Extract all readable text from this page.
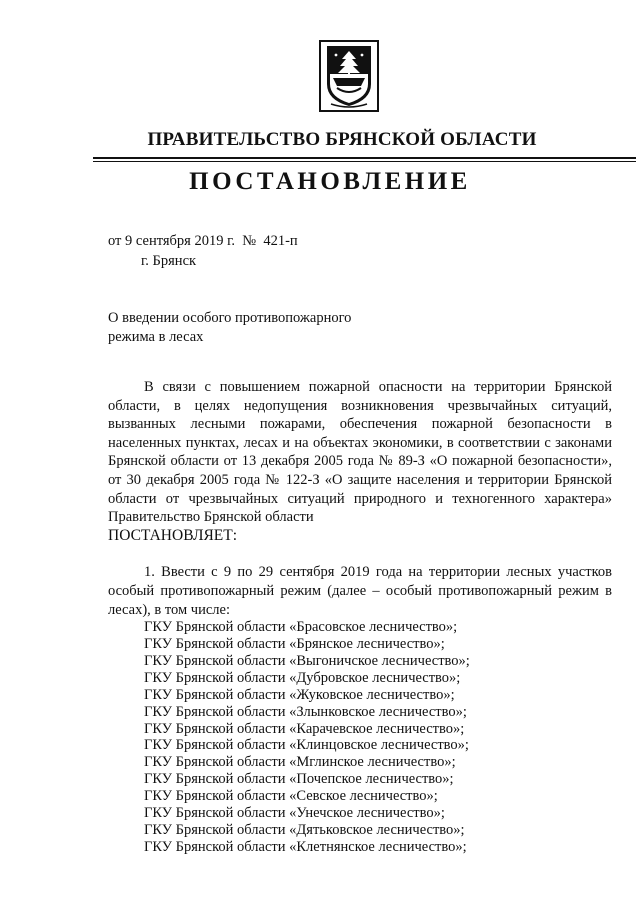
ПРАВИТЕЛЬСТВО БРЯНСКОЙ ОБЛАСТИ
ПОСТАНОВЛЕНИЕ
от 9 сентября 2019 г.  №  421-п
г. Брянск
О введении особого противопожарного
режима в лесах

В связи с повышением пожарной опасности на территории Брянской области, в целях недопущения возникновения чрезвычайных ситуаций, вызванных лесными пожарами, обеспечения пожарной безопасности в населенных пунктах, лесах и на объектах экономики, в соответствии с законами Брянской области от 13 декабря 2005 года № 89-З «О пожарной безопасности», от 30 декабря 2005 года № 122-З «О защите населения и территории Брянской области от чрезвычайных ситуаций природного и техногенного характера» Правительство Брянской области

ПОСТАНОВЛЯЕТ:

1. Ввести с 9 по 29 сентября 2019 года на территории лесных участков особый противопожарный режим (далее – особый противопожарный режим в лесах), в том числе:

ГКУ Брянской области «Брасовское лесничество»;
ГКУ Брянской области «Брянское лесничество»;
ГКУ Брянской области «Выгоничское лесничество»;
ГКУ Брянской области «Дубровское лесничество»;
ГКУ Брянской области «Жуковское лесничество»;
ГКУ Брянской области «Злынковское лесничество»;
ГКУ Брянской области «Карачевское лесничество»;
ГКУ Брянской области «Клинцовское лесничество»;
ГКУ Брянской области «Мглинское лесничество»;
ГКУ Брянской области «Почепское лесничество»;
ГКУ Брянской области «Севское лесничество»;
ГКУ Брянской области «Унечское лесничество»;
ГКУ Брянской области «Дятьковское лесничество»;
ГКУ Брянской области «Клетнянское лесничество»;
